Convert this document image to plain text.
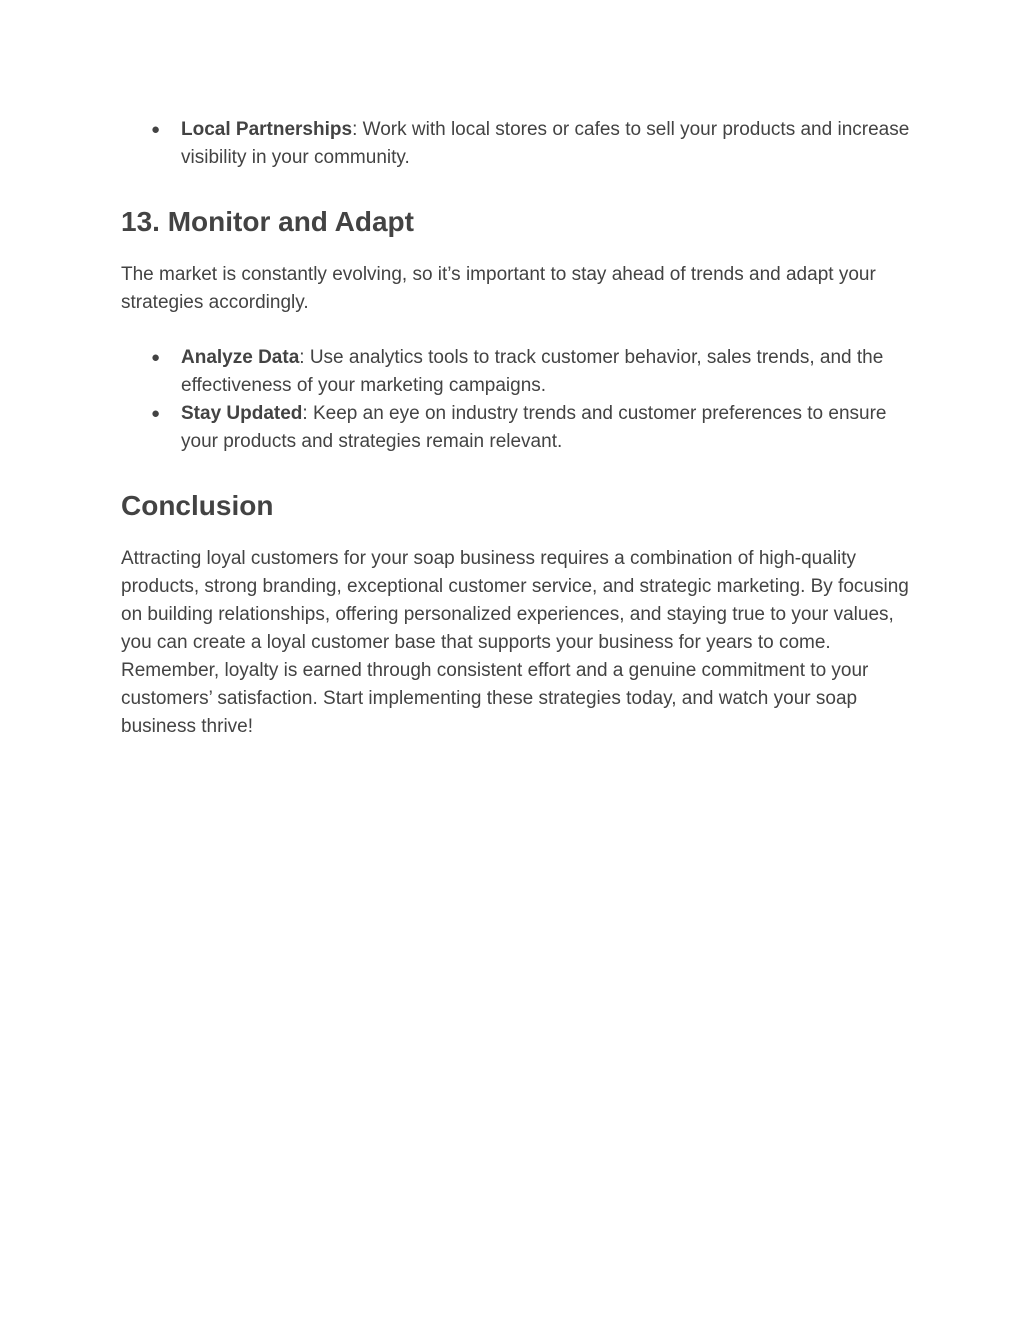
● Local Partnerships: Work with local stores or cafes to sell your products and increase visibility in your community.
13. Monitor and Adapt

The market is constantly evolving, so it’s important to stay ahead of trends and adapt your strategies accordingly.

● Analyze Data: Use analytics tools to track customer behavior, sales trends, and the effectiveness of your marketing campaigns.
● Stay Updated: Keep an eye on industry trends and customer preferences to ensure your products and strategies remain relevant.
Conclusion

Attracting loyal customers for your soap business requires a combination of high-quality products, strong branding, exceptional customer service, and strategic marketing. By focusing on building relationships, offering personalized experiences, and staying true to your values, you can create a loyal customer base that supports your business for years to come. Remember, loyalty is earned through consistent effort and a genuine commitment to your customers’ satisfaction. Start implementing these strategies today, and watch your soap business thrive!
